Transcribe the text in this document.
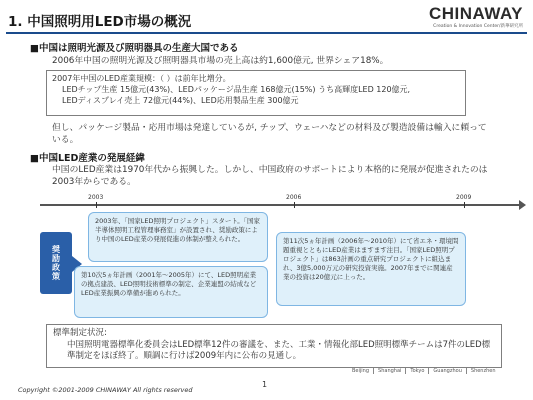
1. 中国照明用LED市場の概況	CHINAWAY
Creation & Innovation Center/新華研究所
■中国は照明光源及び照明器具の生産大国である
2006年中国の照明光源及び照明器具市場の売上高は約1,600億元, 世界シェア18%。
2007年中国のLED産業規模：（ ）は前年比増分。
LEDチップ生産 15億元(43%)、LEDパッケージ品生産 168億元(15%) うち高輝度LED 120億元,
LEDディスプレイ売上 72億元(44%)、LED応用製品生産 300億元
但し、パッケージ製品・応用市場は発達しているが, チップ、ウェーハなどの材料及び製造設備は輸入に頼っている。
■中国LED産業の発展経緯
中国のLED産業は1970年代から振興した。しかし、中国政府のサポートにより本格的に発展が促進されたのは2003年からである。
2003	2006	2009
奨励政策
2003年、「国家LED照明プロジェクト」スタート。「国家半導体照明工程管理事務室」が設置され、奨励政策により中国のLED産業の発展促進の体制が整えられた。
第10次5ヵ年計画（2001年～2005年）にて、LED照明産業の拠点建設、LED照明技術標準の制定、企業連盟の結成などLED産業振興の準備が進められた。
第11次5ヵ年計画（2006年～2010年）にて省エネ・環境問題重視とともにLED産業はますます注目。「国家LED照明プロジェクト」は863計画の重点研究プロジェクトに組込まれ、3億5,000万元の研究投資実施。2007年までに関連産業の投資は20億元に上った。
標準制定状況:
中国照明電器標準化委員会はLED標準12件の審議を、また、工業・情報化部LED照明標準チームは7件のLED標準制定をほぼ終了。順調に行けば2009年内に公布の見通し。
Beijing	Shanghai	Tokyo	Guangzhou	Shenzhen
1
Copyright ©2001-2009 CHINAWAY All rights reserved
